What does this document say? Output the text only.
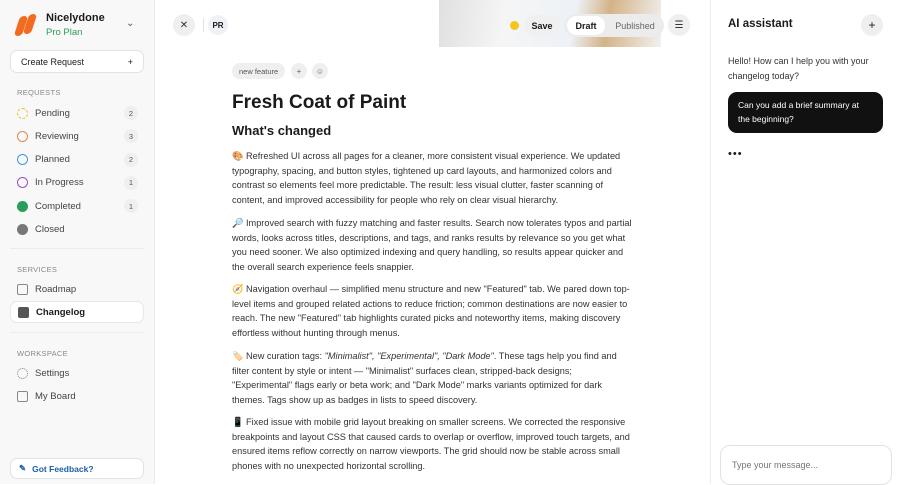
Nicelydone
Pro Plan
⌄
Create Request	+
REQUESTS
Pending	2
Reviewing	3
Planned	2
In Progress	1
Completed	1
Closed
SERVICES
Roadmap
Changelog
WORKSPACE
Settings
My Board
✎ Got Feedback?
✕	PR	Save	Draft	Published	☰
new feature	+	☺
Fresh Coat of Paint
What's changed
🎨 Refreshed UI across all pages for a cleaner, more consistent visual experience. We updated typography, spacing, and button styles, tightened up card layouts, and harmonized colors and contrast so elements feel more predictable. The result: less visual clutter, faster scanning of content, and improved accessibility for people who rely on clear visual hierarchy.
🔎 Improved search with fuzzy matching and faster results. Search now tolerates typos and partial words, looks across titles, descriptions, and tags, and ranks results by relevance so you get what you need sooner. We also optimized indexing and query handling, so results appear quicker and the overall search experience feels snappier.
🧭 Navigation overhaul — simplified menu structure and new "Featured" tab. We pared down top-level items and grouped related actions to reduce friction; common destinations are now easier to reach. The new "Featured" tab highlights curated picks and noteworthy items, making discovery effortless without hunting through menus.
🏷️ New curation tags: "Minimalist", "Experimental", "Dark Mode". These tags help you find and filter content by style or intent — "Minimalist" surfaces clean, stripped-back designs; "Experimental" flags early or beta work; and "Dark Mode" marks variants optimized for dark themes. Tags show up as badges in lists to speed discovery.
📱 Fixed issue with mobile grid layout breaking on smaller screens. We corrected the responsive breakpoints and layout CSS that caused cards to overlap or overflow, improved touch targets, and ensured items reflow correctly on narrow viewports. The grid should now be stable across small phones with no unexpected horizontal scrolling.
AI assistant	+
Hello! How can I help you with your changelog today?
Can you add a brief summary at the beginning?
•••
Type your message...
